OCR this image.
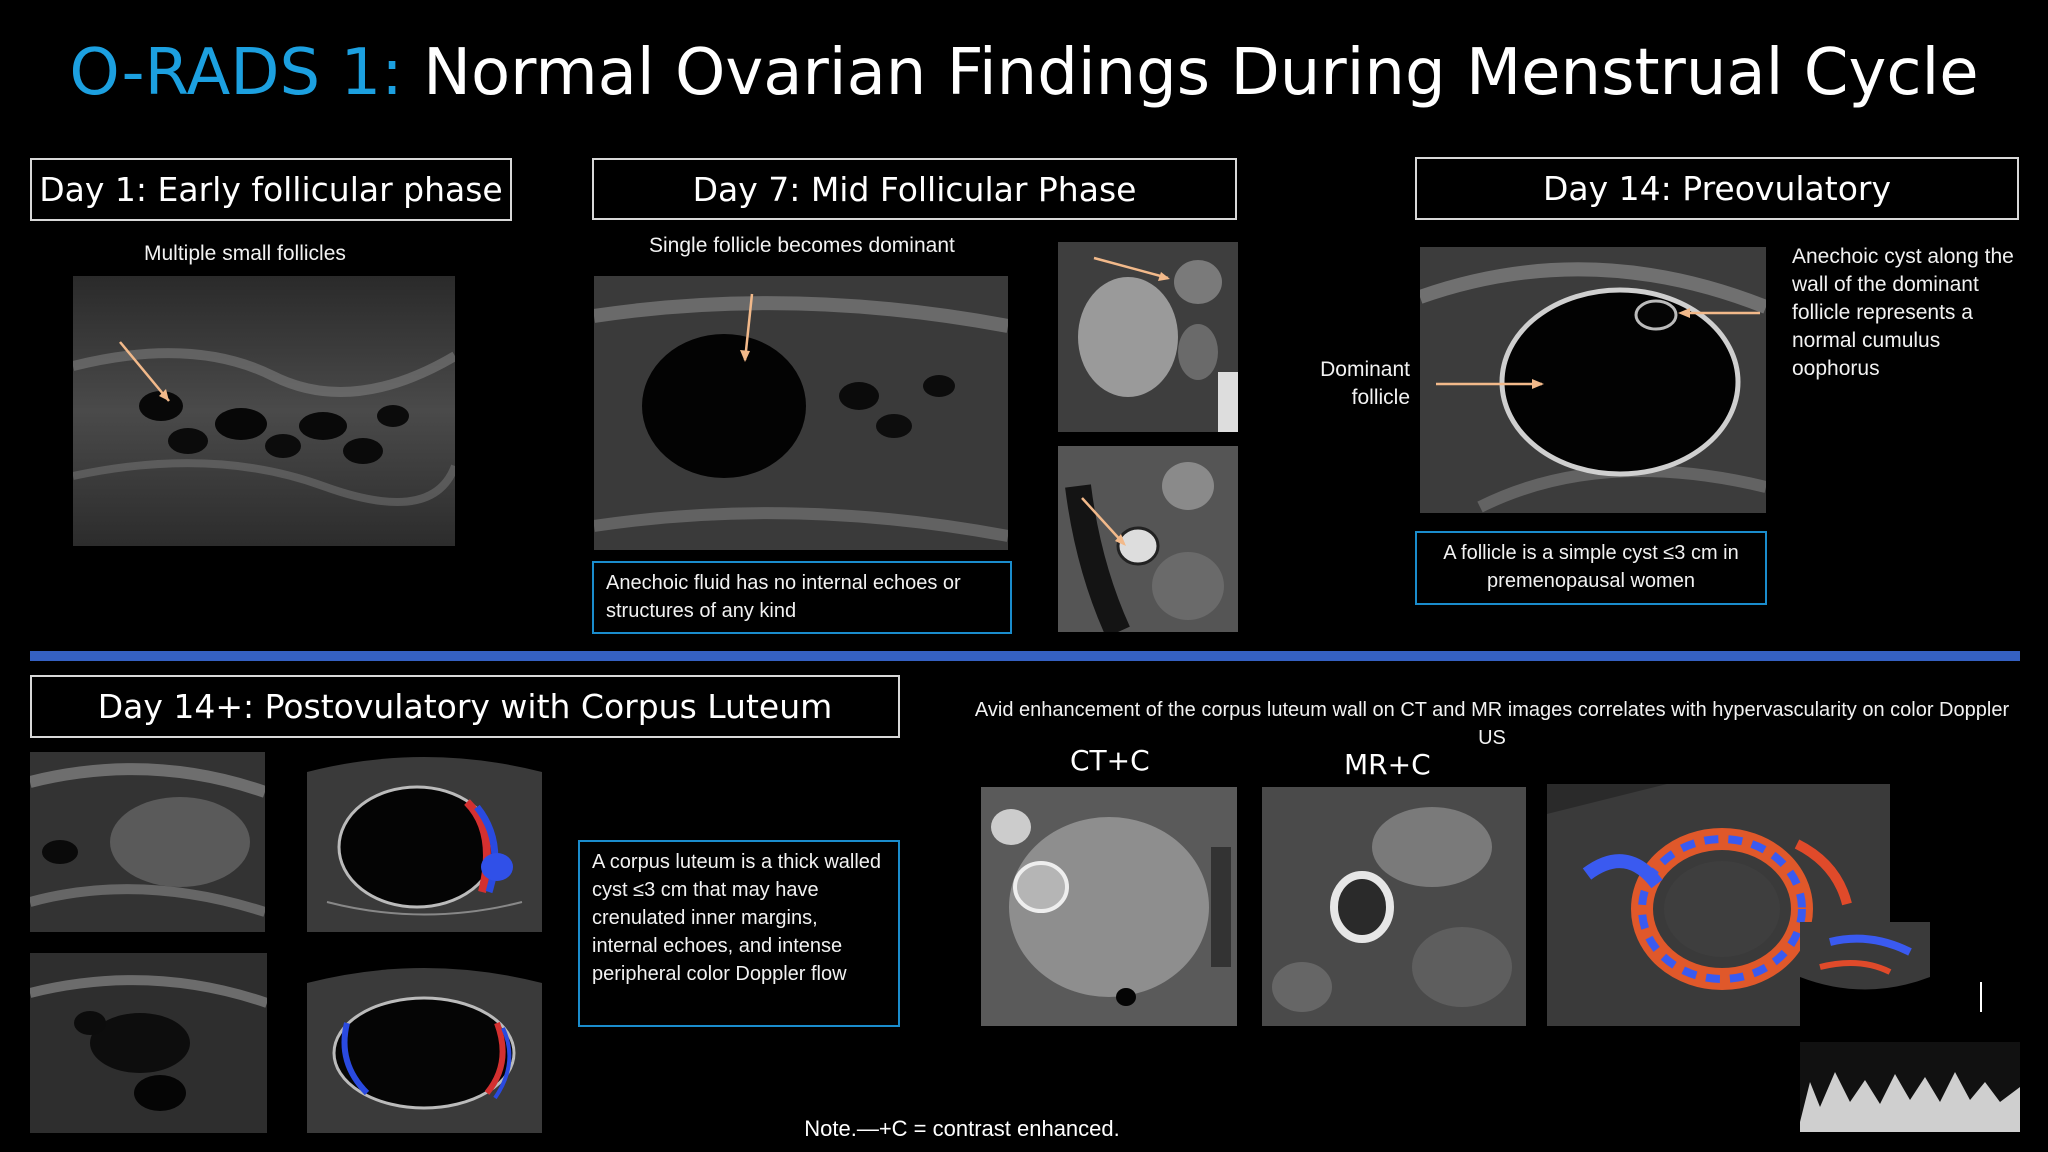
O-RADS 1: Normal Ovarian Findings During Menstrual Cycle
Day 1: Early follicular phase
Multiple small follicles
Day 7: Mid Follicular Phase
Single follicle becomes dominant
Anechoic fluid has no internal echoes or structures of any kind
Day 14: Preovulatory
Dominant
follicle
Anechoic cyst along the wall of the dominant follicle represents a normal cumulus oophorus
A follicle is a simple cyst ≤3 cm in premenopausal women
Day 14+: Postovulatory with Corpus Luteum
A corpus luteum is a thick walled cyst ≤3 cm that may have crenulated inner margins, internal echoes, and intense peripheral color Doppler flow
Avid enhancement of the corpus luteum wall on CT and MR images correlates with hypervascularity on color Doppler US
CT+C	MR+C
Note.—+C = contrast enhanced.
